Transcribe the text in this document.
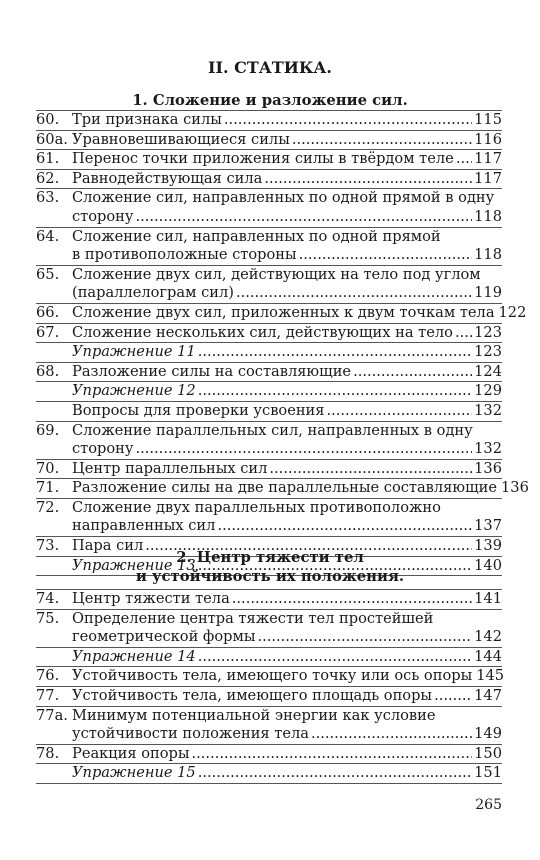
II. СТАТИКА.
1. Сложение и разложение сил.
60. Три признака силы .....	115
60а. Уравновешивающиеся силы .....	116
61. Перенос точки приложения силы в твёрдом теле ..... 117
62. Равнодействующая сила .....	117
63. Сложение сил, направленных по одной прямой в одну
сторону .....	118
64. Сложение сил, направленных по одной прямой
в противоположные стороны .....	118
65. Сложение двух сил, действующих на тело под углом
(параллелограм сил) .....	119
66. Сложение двух сил, приложенных к двум точкам тела 122
67. Сложение нескольких сил, действующих на тело ..... 123
Упражнение 11 .....	123
68. Разложение силы на составляющие .....	124
Упражнение 12 .....	129
Вопросы для проверки усвоения .....	132
69. Сложение параллельных сил, направленных в одну
сторону .....	132
70. Центр параллельных сил .....	136
71. Разложение силы на две параллельные составляющие 136
72. Сложение двух параллельных противоположно
направленных сил .....	137
73. Пара сил .....	139
Упражнение 13 .....	140
2. Центр тяжести тел
и устойчивость их положения.
74. Центр тяжести тела .....	141
75. Определение центра тяжести тел простейшей
геометрической формы .....	142
Упражнение 14 .....	144
76. Устойчивость тела, имеющего точку или ось опоры 145
77. Устойчивость тела, имеющего площадь опоры .....	147
77а. Минимум потенциальной энергии как условие
устойчивости положения тела .....	149
78. Реакция опоры .....	150
Упражнение 15 .....	151
265
